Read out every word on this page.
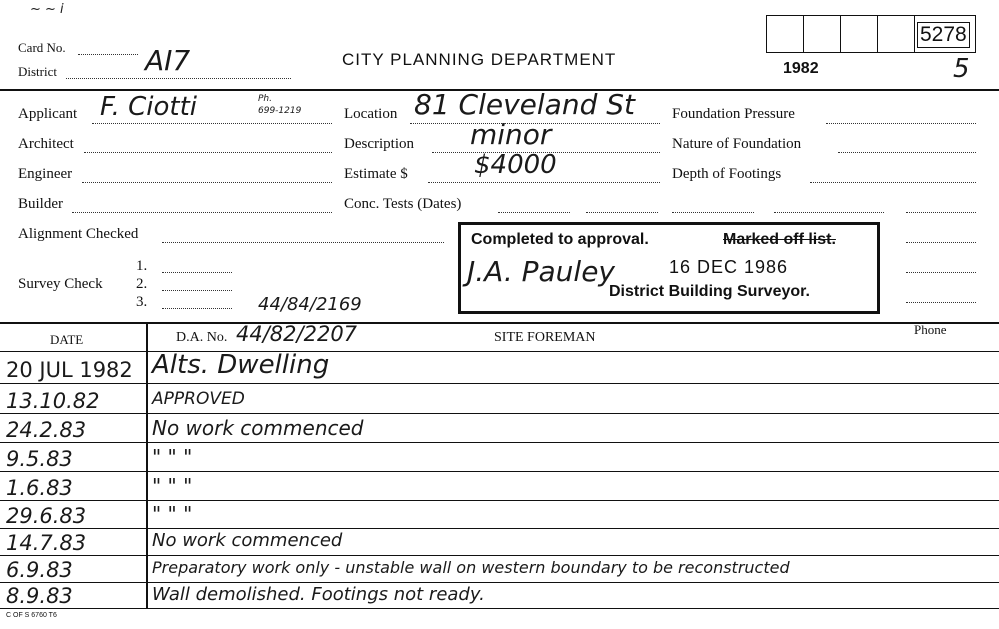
~ ~ i
Card No.
District	AI7	CITY PLANNING DEPARTMENT	1982
5278
5
Applicant F. Ciotti	Ph.
699-1219
Architect
Engineer
Builder
Alignment Checked
Survey Check
1.
2.
3.	44/84/2169
Location 81 Cleveland St
Description minor
Estimate $	$4000
Conc. Tests (Dates)
Foundation Pressure
Nature of Foundation
Depth of Footings
Completed to approval.	Marked off list.
16 DEC 1986
J.A. Pauley
District Building Surveyor.
DATE	D.A. No. 44/82/2207	SITE FOREMAN
Phone
20 JUL 1982 Alts. Dwelling
13.10.82	APPROVED
24.2.83	No work commenced
9.5.83	" " "
1.6.83	" " "
29.6.83	" " "
14.7.83	No work commenced
6.9.83	Preparatory work only - unstable wall on western boundary to be reconstructed
8.9.83	Wall demolished. Footings not ready.
C OF S 6760 T6
